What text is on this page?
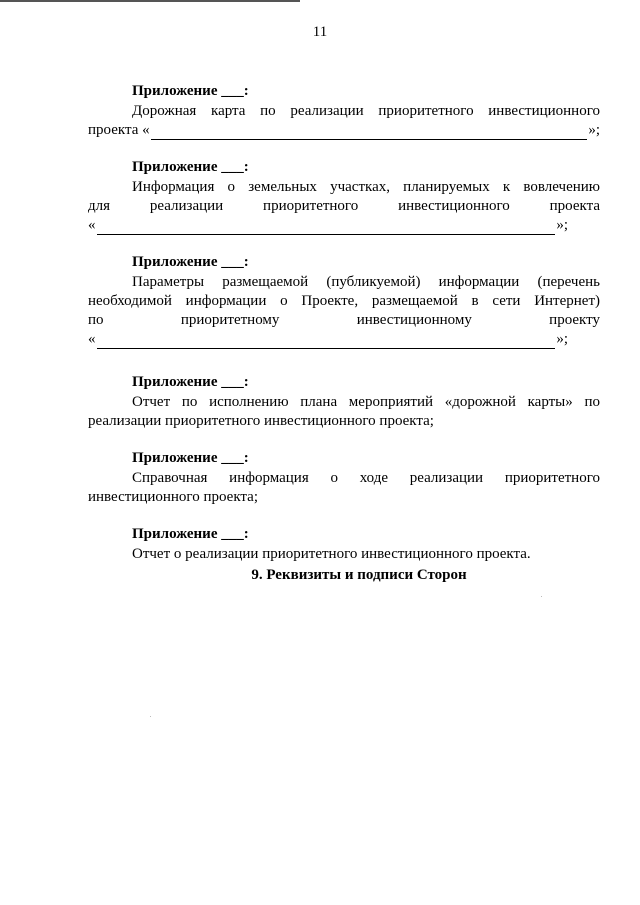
11
Приложение ___:
Дорожная карта по реализации приоритетного инвестиционного
проекта «	»;
Приложение ___:
Информация о земельных участках, планируемых к вовлечению
для реализации приоритетного инвестиционного проекта
«	»;
Приложение ___:
Параметры размещаемой (публикуемой) информации (перечень
необходимой информации о Проекте, размещаемой в сети Интернет)
по приоритетному инвестиционному проекту
«	»;
Приложение ___:
Отчет по исполнению плана мероприятий «дорожной карты» по реализации приоритетного инвестиционного проекта;
Приложение ___:
Справочная информация о ходе реализации приоритетного инвестиционного проекта;
Приложение ___:
Отчет о реализации приоритетного инвестиционного проекта.
9. Реквизиты и подписи Сторон
